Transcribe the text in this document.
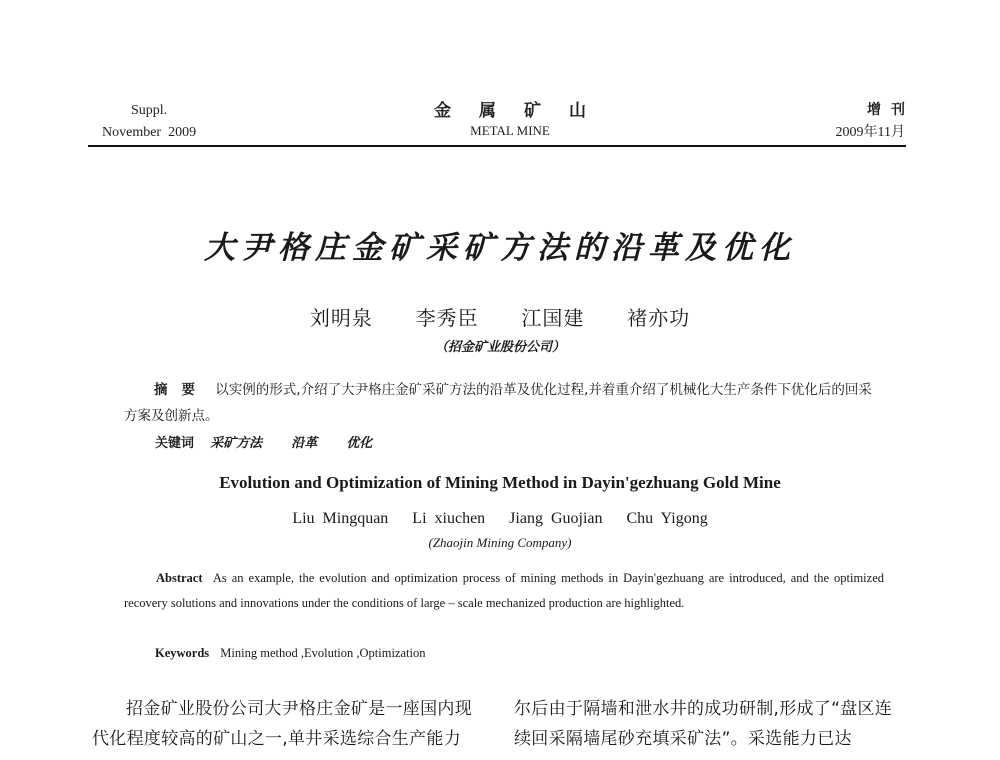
Suppl.
November  2009
金属矿山
METAL MINE
增刊
2009年11月
大尹格庄金矿采矿方法的沿革及优化
刘明泉  李秀臣  江国建  褚亦功
（招金矿业股份公司）
摘要 以实例的形式,介绍了大尹格庄金矿采矿方法的沿革及优化过程,并着重介绍了机械化大生产条件下优化后的回采方案及创新点。
关键词 采矿方法  沿革  优化
Evolution and Optimization of Mining Method in Dayin'gezhuang Gold Mine
Liu Mingquan   Li xiuchen   Jiang Guojian   Chu Yigong
(Zhaojin Mining Company)
Abstract As an example, the evolution and optimization process of mining methods in Dayin'gezhuang are introduced, and the optimized recovery solutions and innovations under the conditions of large – scale mechanized production are highlighted.
Keywords Mining method ,Evolution ,Optimization
招金矿业股份公司大尹格庄金矿是一座国内现代化程度较高的矿山之一,单井采选综合生产能力
尔后由于隔墙和泄水井的成功研制,形成了“盘区连续回采隔墙尾砂充填采矿法”。采选能力已达
